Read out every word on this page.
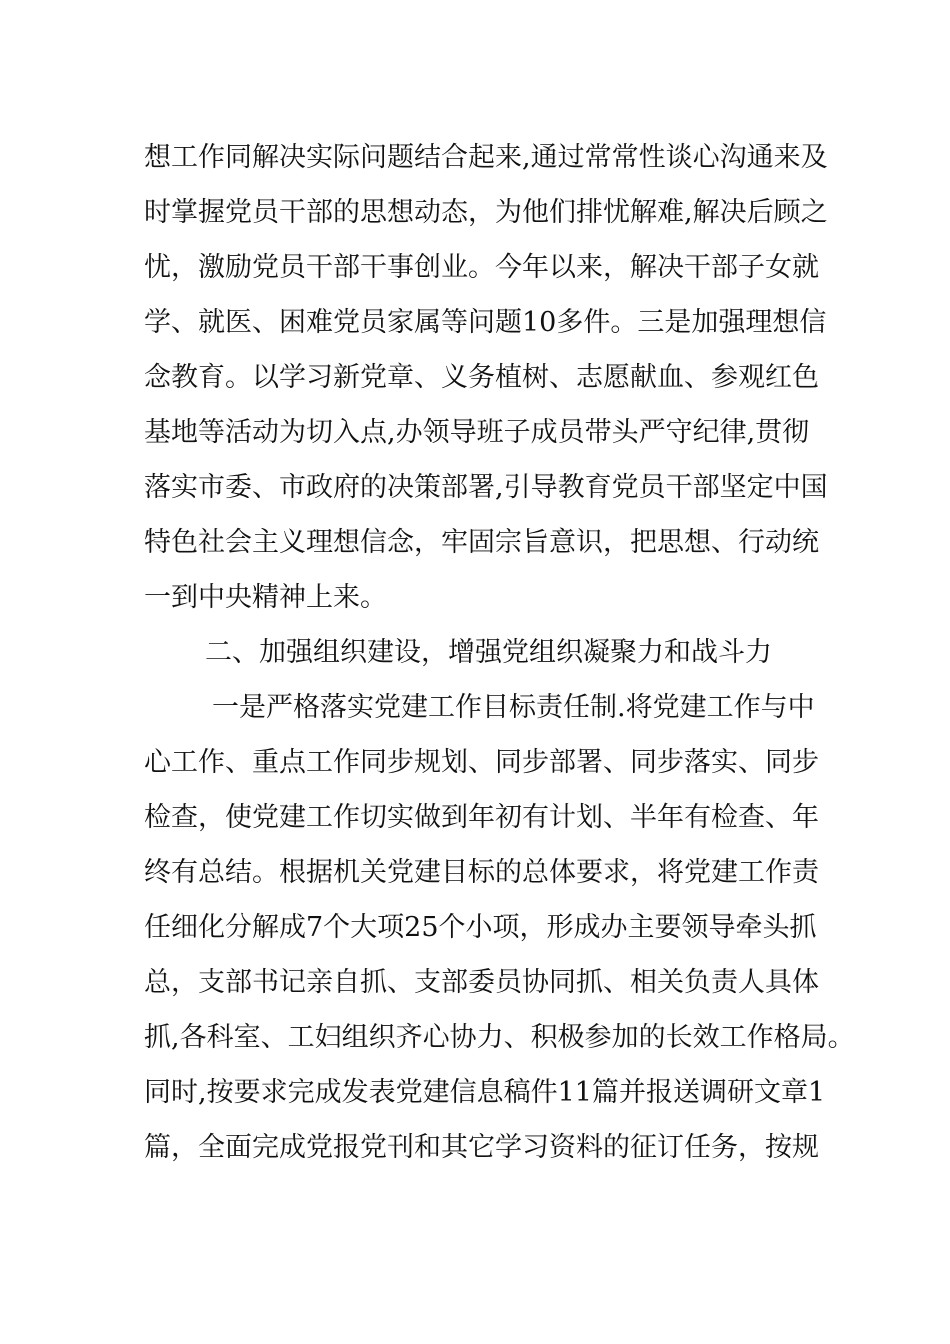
想工作同解决实际问题结合起来,通过常常性谈心沟通来及
时掌握党员干部的思想动态，为他们排忧解难,解决后顾之
忧，激励党员干部干事创业。今年以来，解决干部子女就
学、就医、困难党员家属等问题10多件。三是加强理想信
念教育。以学习新党章、义务植树、志愿献血、参观红色
基地等活动为切入点,办领导班子成员带头严守纪律,贯彻
落实市委、市政府的决策部署,引导教育党员干部坚定中国
特色社会主义理想信念，牢固宗旨意识，把思想、行动统
一到中央精神上来。
二、加强组织建设，增强党组织凝聚力和战斗力
一是严格落实党建工作目标责任制.将党建工作与中
心工作、重点工作同步规划、同步部署、同步落实、同步
检查，使党建工作切实做到年初有计划、半年有检查、年
终有总结。根据机关党建目标的总体要求，将党建工作责
任细化分解成7个大项25个小项，形成办主要领导牵头抓
总，支部书记亲自抓、支部委员协同抓、相关负责人具体
抓,各科室、工妇组织齐心协力、积极参加的长效工作格局。
同时,按要求完成发表党建信息稿件11篇并报送调研文章1
篇，全面完成党报党刊和其它学习资料的征订任务，按规
